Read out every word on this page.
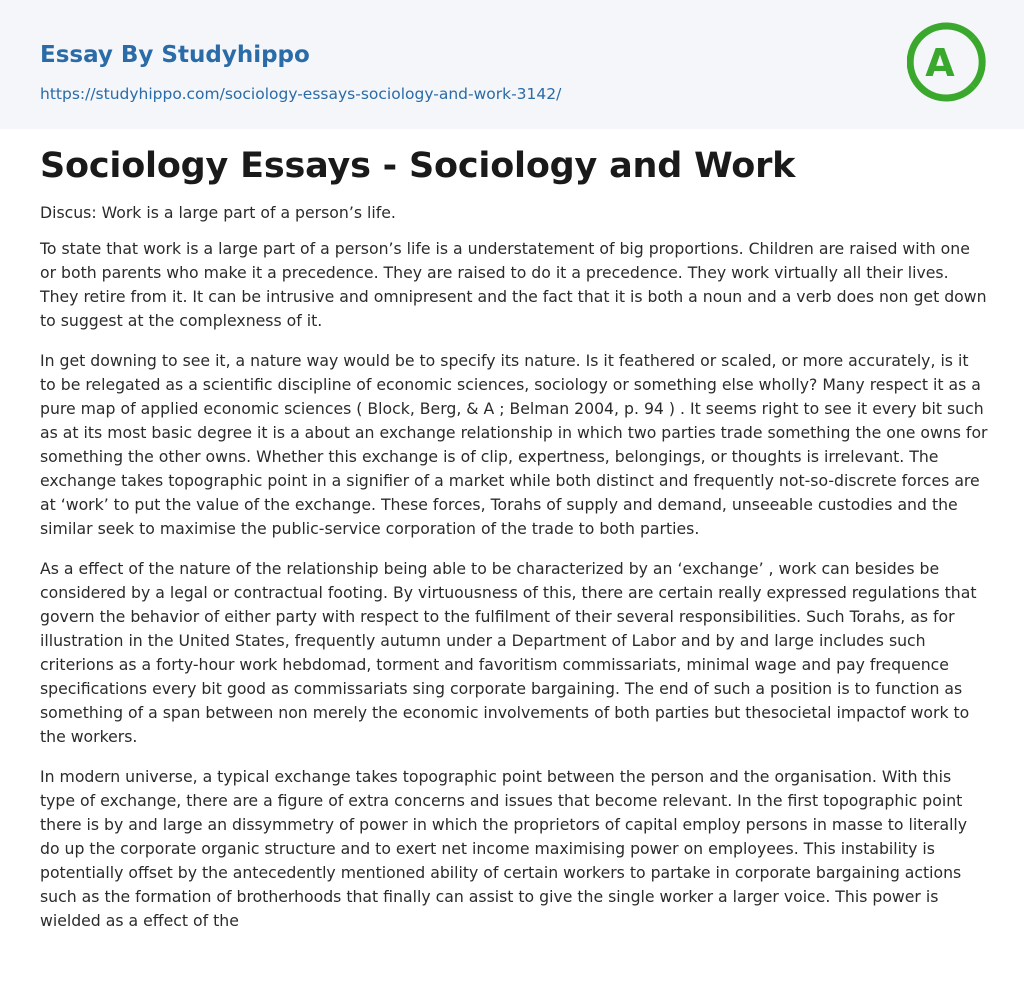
Essay By Studyhippo
https://studyhippo.com/sociology-essays-sociology-and-work-3142/
A
Sociology Essays - Sociology and Work

Discus: Work is a large part of a person’s life.

To state that work is a large part of a person’s life is a understatement of big proportions. Children are raised with one or both parents who make it a precedence. They are raised to do it a precedence. They work virtually all their lives. They retire from it. It can be intrusive and omnipresent and the fact that it is both a noun and a verb does non get down to suggest at the complexness of it.

In get downing to see it, a nature way would be to specify its nature. Is it feathered or scaled, or more accurately, is it to be relegated as a scientific discipline of economic sciences, sociology or something else wholly? Many respect it as a pure map of applied economic sciences ( Block, Berg, & A ; Belman 2004, p. 94 ) . It seems right to see it every bit such as at its most basic degree it is a about an exchange relationship in which two parties trade something the one owns for something the other owns. Whether this exchange is of clip, expertness, belongings, or thoughts is irrelevant. The exchange takes topographic point in a signifier of a market while both distinct and frequently not-so-discrete forces are at ‘work’ to put the value of the exchange. These forces, Torahs of supply and demand, unseeable custodies and the similar seek to maximise the public-service corporation of the trade to both parties.

As a effect of the nature of the relationship being able to be characterized by an ‘exchange’ , work can besides be considered by a legal or contractual footing. By virtuousness of this, there are certain really expressed regulations that govern the behavior of either party with respect to the fulfilment of their several responsibilities. Such Torahs, as for illustration in the United States, frequently autumn under a Department of Labor and by and large includes such criterions as a forty-hour work hebdomad, torment and favoritism commissariats, minimal wage and pay frequence specifications every bit good as commissariats sing corporate bargaining. The end of such a position is to function as something of a span between non merely the economic involvements of both parties but thesocietal impactof work to the workers.

In modern universe, a typical exchange takes topographic point between the person and the organisation. With this type of exchange, there are a figure of extra concerns and issues that become relevant. In the first topographic point there is by and large an dissymmetry of power in which the proprietors of capital employ persons in masse to literally do up the corporate organic structure and to exert net income maximising power on employees. This instability is potentially offset by the antecedently mentioned ability of certain workers to partake in corporate bargaining actions such as the formation of brotherhoods that finally can assist to give the single worker a larger voice. This power is wielded as a effect of the
